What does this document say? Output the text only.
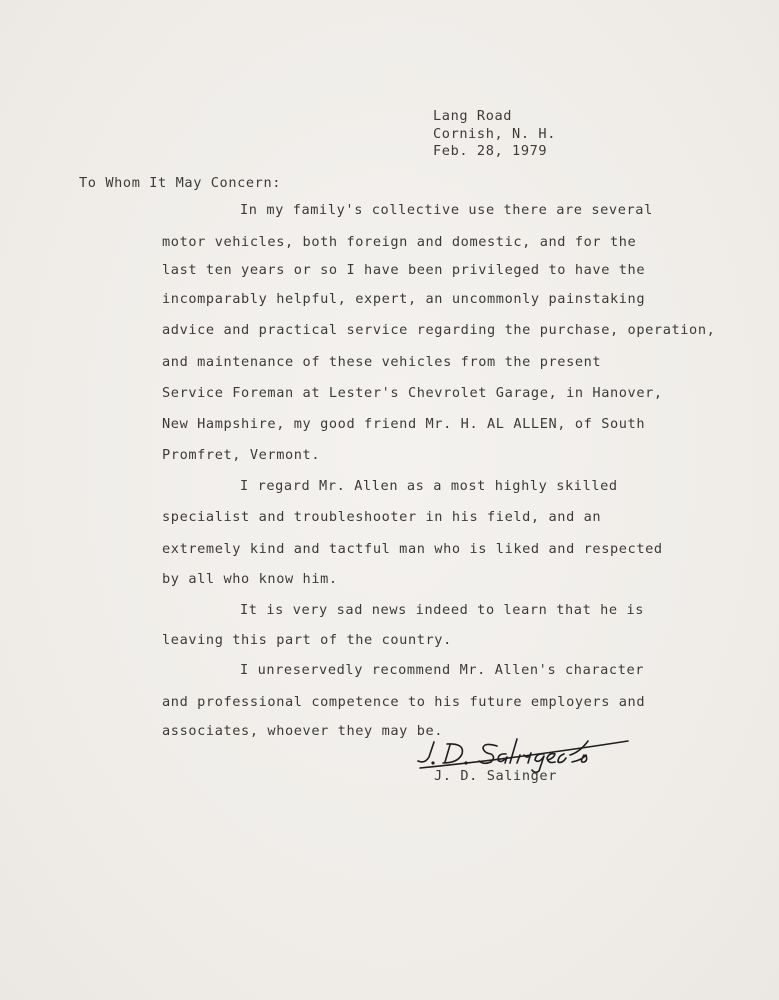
Lang Road
Cornish, N. H.
Feb. 28, 1979
To Whom It May Concern:
In my family's collective use there are several
motor vehicles, both foreign and domestic, and for the
last ten years or so I have been privileged to have the
incomparably helpful, expert, an uncommonly painstaking
advice and practical service regarding the purchase, operation,
and maintenance of these vehicles from the present
Service Foreman at Lester's Chevrolet Garage, in Hanover,
New Hampshire, my good friend Mr. H. AL ALLEN, of South
Promfret, Vermont.
I regard Mr. Allen as a most highly skilled
specialist and troubleshooter in his field, and an
extremely kind and tactful man who is liked and respected
by all who know him.
It is very sad news indeed to learn that he is
leaving this part of the country.
I unreservedly recommend Mr. Allen's character
and professional competence to his future employers and
associates, whoever they may be.
J. D. Salinger
